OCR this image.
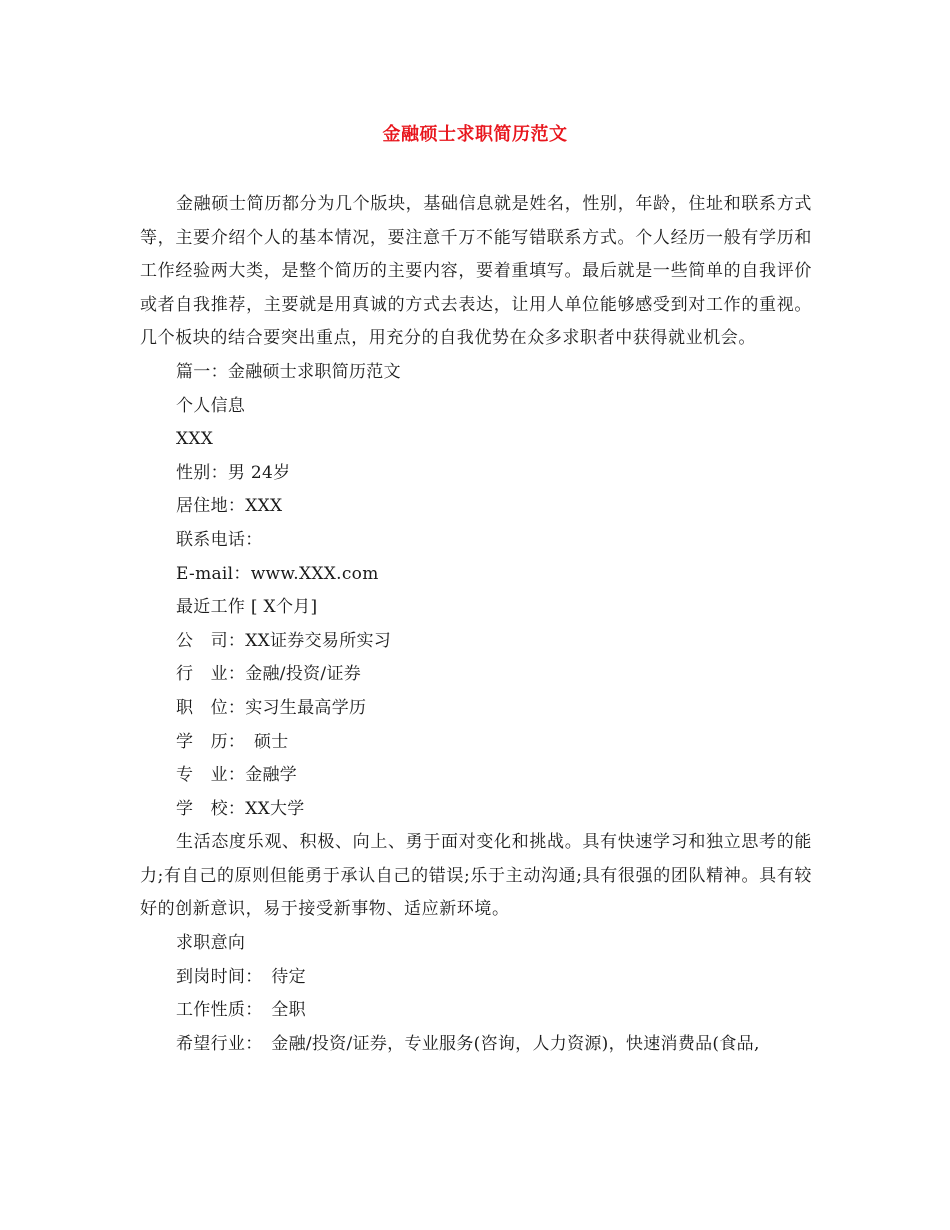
金融硕士求职简历范文

金融硕士简历都分为几个版块，基础信息就是姓名，性别，年龄，住址和联系方式等，主要介绍个人的基本情况，要注意千万不能写错联系方式。个人经历一般有学历和工作经验两大类，是整个简历的主要内容，要着重填写。最后就是一些简单的自我评价或者自我推荐，主要就是用真诚的方式去表达，让用人单位能够感受到对工作的重视。几个板块的结合要突出重点，用充分的自我优势在众多求职者中获得就业机会。

篇一：金融硕士求职简历范文

个人信息

XXX

性别：男 24岁

居住地：XXX

联系电话：

E-mail：www.XXX.com

最近工作 [ X个月]

公　司：XX证券交易所实习

行　业：金融/投资/证券

职　位：实习生最高学历

学　历：　硕士

专　业：金融学

学　校：XX大学

生活态度乐观、积极、向上、勇于面对变化和挑战。具有快速学习和独立思考的能力;有自己的原则但能勇于承认自己的错误;乐于主动沟通;具有很强的团队精神。具有较好的创新意识，易于接受新事物、适应新环境。

求职意向

到岗时间：　待定

工作性质：　全职

希望行业：　金融/投资/证券，专业服务(咨询，人力资源)，快速消费品(食品,
